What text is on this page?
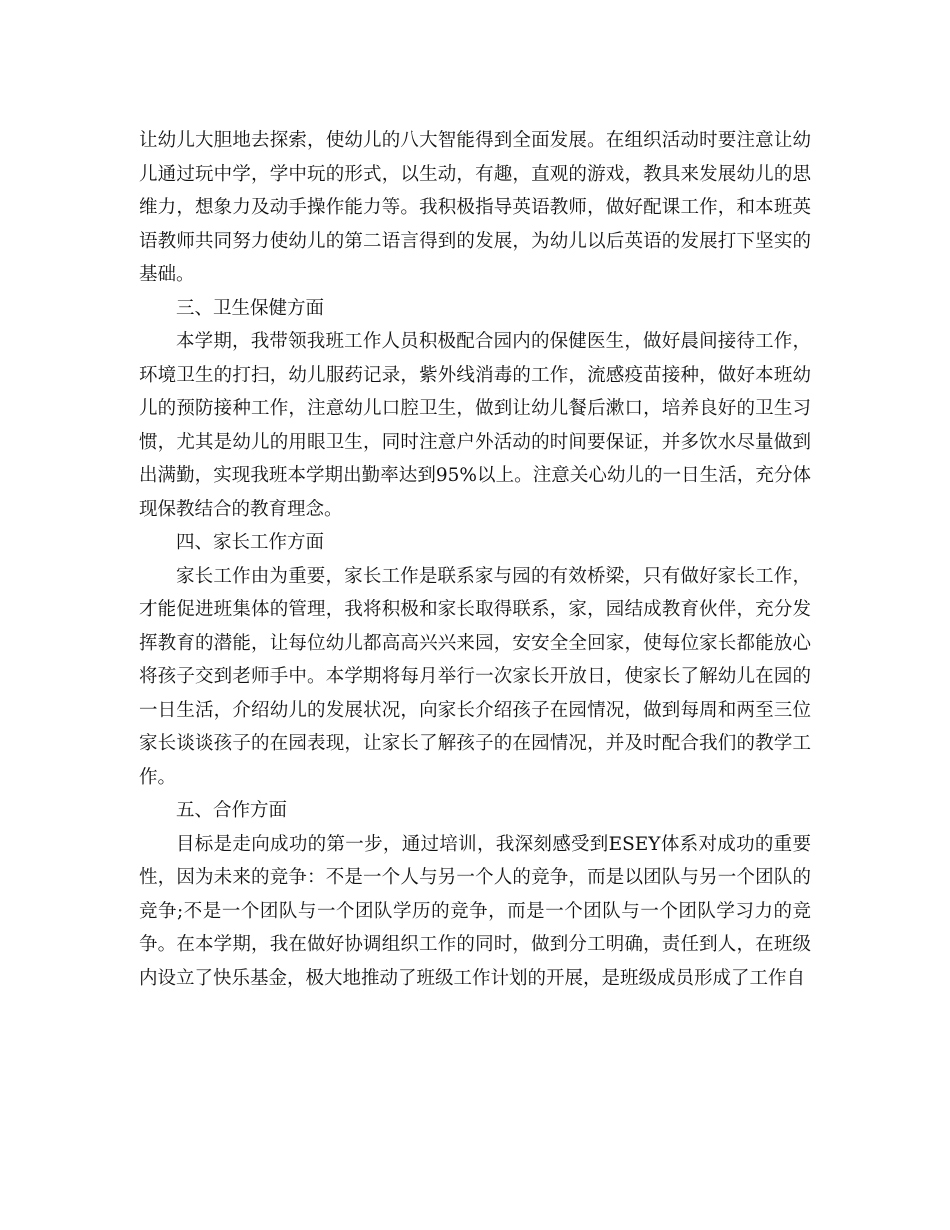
让幼儿大胆地去探索，使幼儿的八大智能得到全面发展。在组织活动时要注意让幼儿通过玩中学，学中玩的形式，以生动，有趣，直观的游戏，教具来发展幼儿的思维力，想象力及动手操作能力等。我积极指导英语教师，做好配课工作，和本班英语教师共同努力使幼儿的第二语言得到的发展，为幼儿以后英语的发展打下坚实的基础。

三、卫生保健方面

本学期，我带领我班工作人员积极配合园内的保健医生，做好晨间接待工作，环境卫生的打扫，幼儿服药记录，紫外线消毒的工作，流感疫苗接种，做好本班幼儿的预防接种工作，注意幼儿口腔卫生，做到让幼儿餐后漱口，培养良好的卫生习惯，尤其是幼儿的用眼卫生，同时注意户外活动的时间要保证，并多饮水尽量做到出满勤，实现我班本学期出勤率达到95%以上。注意关心幼儿的一日生活，充分体现保教结合的教育理念。

四、家长工作方面

家长工作由为重要，家长工作是联系家与园的有效桥梁，只有做好家长工作，才能促进班集体的管理，我将积极和家长取得联系，家，园结成教育伙伴，充分发挥教育的潜能，让每位幼儿都高高兴兴来园，安安全全回家，使每位家长都能放心将孩子交到老师手中。本学期将每月举行一次家长开放日，使家长了解幼儿在园的一日生活，介绍幼儿的发展状况，向家长介绍孩子在园情况，做到每周和两至三位家长谈谈孩子的在园表现，让家长了解孩子的在园情况，并及时配合我们的教学工作。

五、合作方面

目标是走向成功的第一步，通过培训，我深刻感受到ESEY体系对成功的重要性，因为未来的竞争：不是一个人与另一个人的竞争，而是以团队与另一个团队的竞争;不是一个团队与一个团队学历的竞争，而是一个团队与一个团队学习力的竞争。在本学期，我在做好协调组织工作的同时，做到分工明确，责任到人，在班级内设立了快乐基金，极大地推动了班级工作计划的开展，是班级成员形成了工作自
